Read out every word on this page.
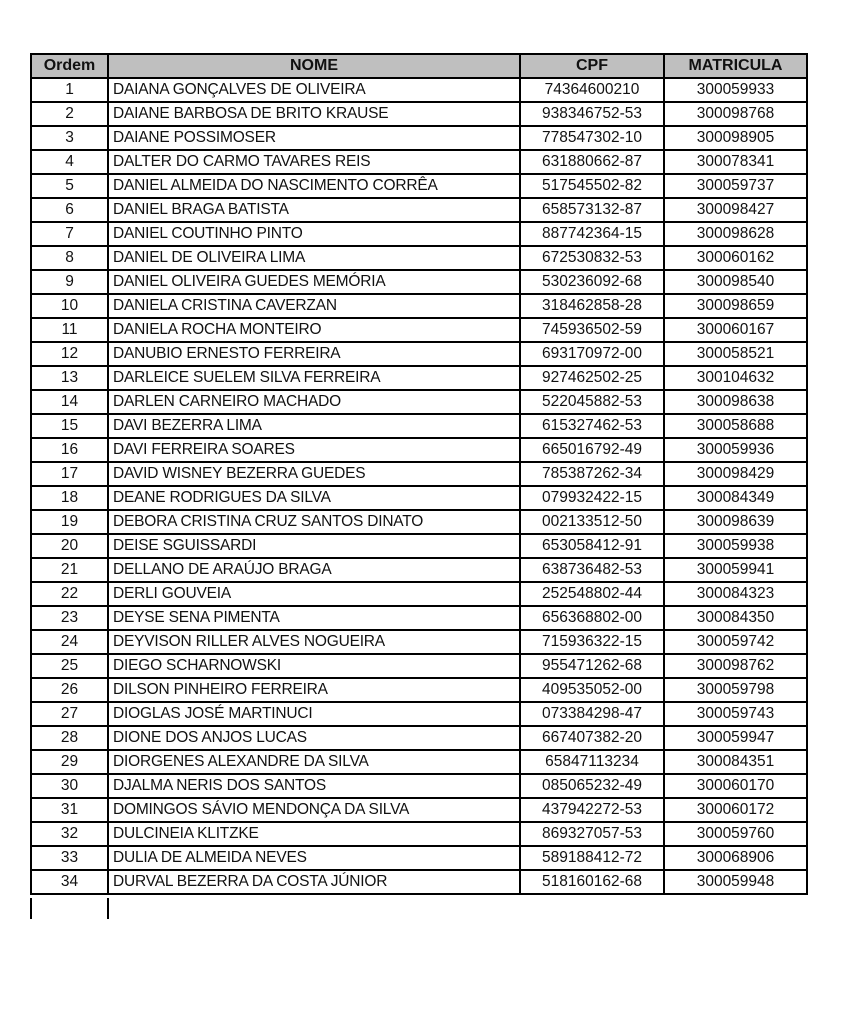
Ordem	NOME	CPF	MATRICULA
1	DAIANA GONÇALVES DE OLIVEIRA	74364600210	300059933
2	DAIANE BARBOSA DE BRITO KRAUSE	938346752-53	300098768
3	DAIANE POSSIMOSER	778547302-10	300098905
4	DALTER DO CARMO TAVARES REIS	631880662-87	300078341
5	DANIEL ALMEIDA DO NASCIMENTO CORRÊA	517545502-82	300059737
6	DANIEL BRAGA BATISTA	658573132-87	300098427
7	DANIEL COUTINHO PINTO	887742364-15	300098628
8	DANIEL DE OLIVEIRA LIMA	672530832-53	300060162
9	DANIEL OLIVEIRA GUEDES MEMÓRIA	530236092-68	300098540
10	DANIELA CRISTINA CAVERZAN	318462858-28	300098659
11	DANIELA ROCHA MONTEIRO	745936502-59	300060167
12	DANUBIO ERNESTO FERREIRA	693170972-00	300058521
13	DARLEICE SUELEM SILVA FERREIRA	927462502-25	300104632
14	DARLEN CARNEIRO MACHADO	522045882-53	300098638
15	DAVI BEZERRA LIMA	615327462-53	300058688
16	DAVI FERREIRA SOARES	665016792-49	300059936
17	DAVID WISNEY BEZERRA GUEDES	785387262-34	300098429
18	DEANE RODRIGUES DA SILVA	079932422-15	300084349
19	DEBORA CRISTINA CRUZ SANTOS DINATO	002133512-50	300098639
20	DEISE SGUISSARDI	653058412-91	300059938
21	DELLANO DE ARAÚJO BRAGA	638736482-53	300059941
22	DERLI GOUVEIA	252548802-44	300084323
23	DEYSE SENA PIMENTA	656368802-00	300084350
24	DEYVISON RILLER ALVES NOGUEIRA	715936322-15	300059742
25	DIEGO SCHARNOWSKI	955471262-68	300098762
26	DILSON PINHEIRO FERREIRA	409535052-00	300059798
27	DIOGLAS JOSÉ MARTINUCI	073384298-47	300059743
28	DIONE DOS ANJOS LUCAS	667407382-20	300059947
29	DIORGENES ALEXANDRE DA SILVA	65847113234	300084351
30	DJALMA NERIS DOS SANTOS	085065232-49	300060170
31	DOMINGOS SÁVIO MENDONÇA DA SILVA	437942272-53	300060172
32	DULCINEIA KLITZKE	869327057-53	300059760
33	DULIA DE ALMEIDA NEVES	589188412-72	300068906
34	DURVAL BEZERRA DA COSTA JÚNIOR	518160162-68	300059948
